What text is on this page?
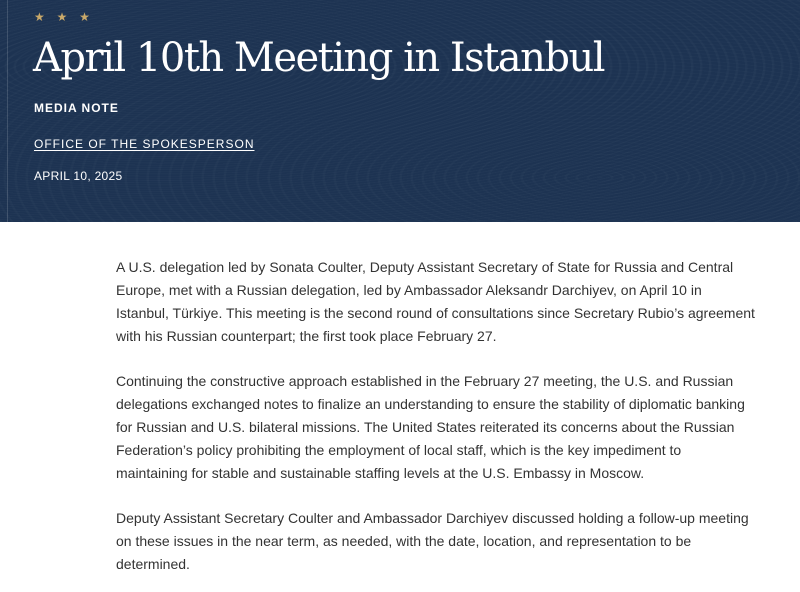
★ ★ ★
April 10th Meeting in Istanbul
MEDIA NOTE
OFFICE OF THE SPOKESPERSON
APRIL 10, 2025

A U.S. delegation led by Sonata Coulter, Deputy Assistant Secretary of State for Russia and Central Europe, met with a Russian delegation, led by Ambassador Aleksandr Darchiyev, on April 10 in Istanbul, Türkiye. This meeting is the second round of consultations since Secretary Rubio’s agreement with his Russian counterpart; the first took place February 27.

Continuing the constructive approach established in the February 27 meeting, the U.S. and Russian delegations exchanged notes to finalize an understanding to ensure the stability of diplomatic banking for Russian and U.S. bilateral missions. The United States reiterated its concerns about the Russian Federation’s policy prohibiting the employment of local staff, which is the key impediment to maintaining for stable and sustainable staffing levels at the U.S. Embassy in Moscow.

Deputy Assistant Secretary Coulter and Ambassador Darchiyev discussed holding a follow-up meeting on these issues in the near term, as needed, with the date, location, and representation to be determined.
